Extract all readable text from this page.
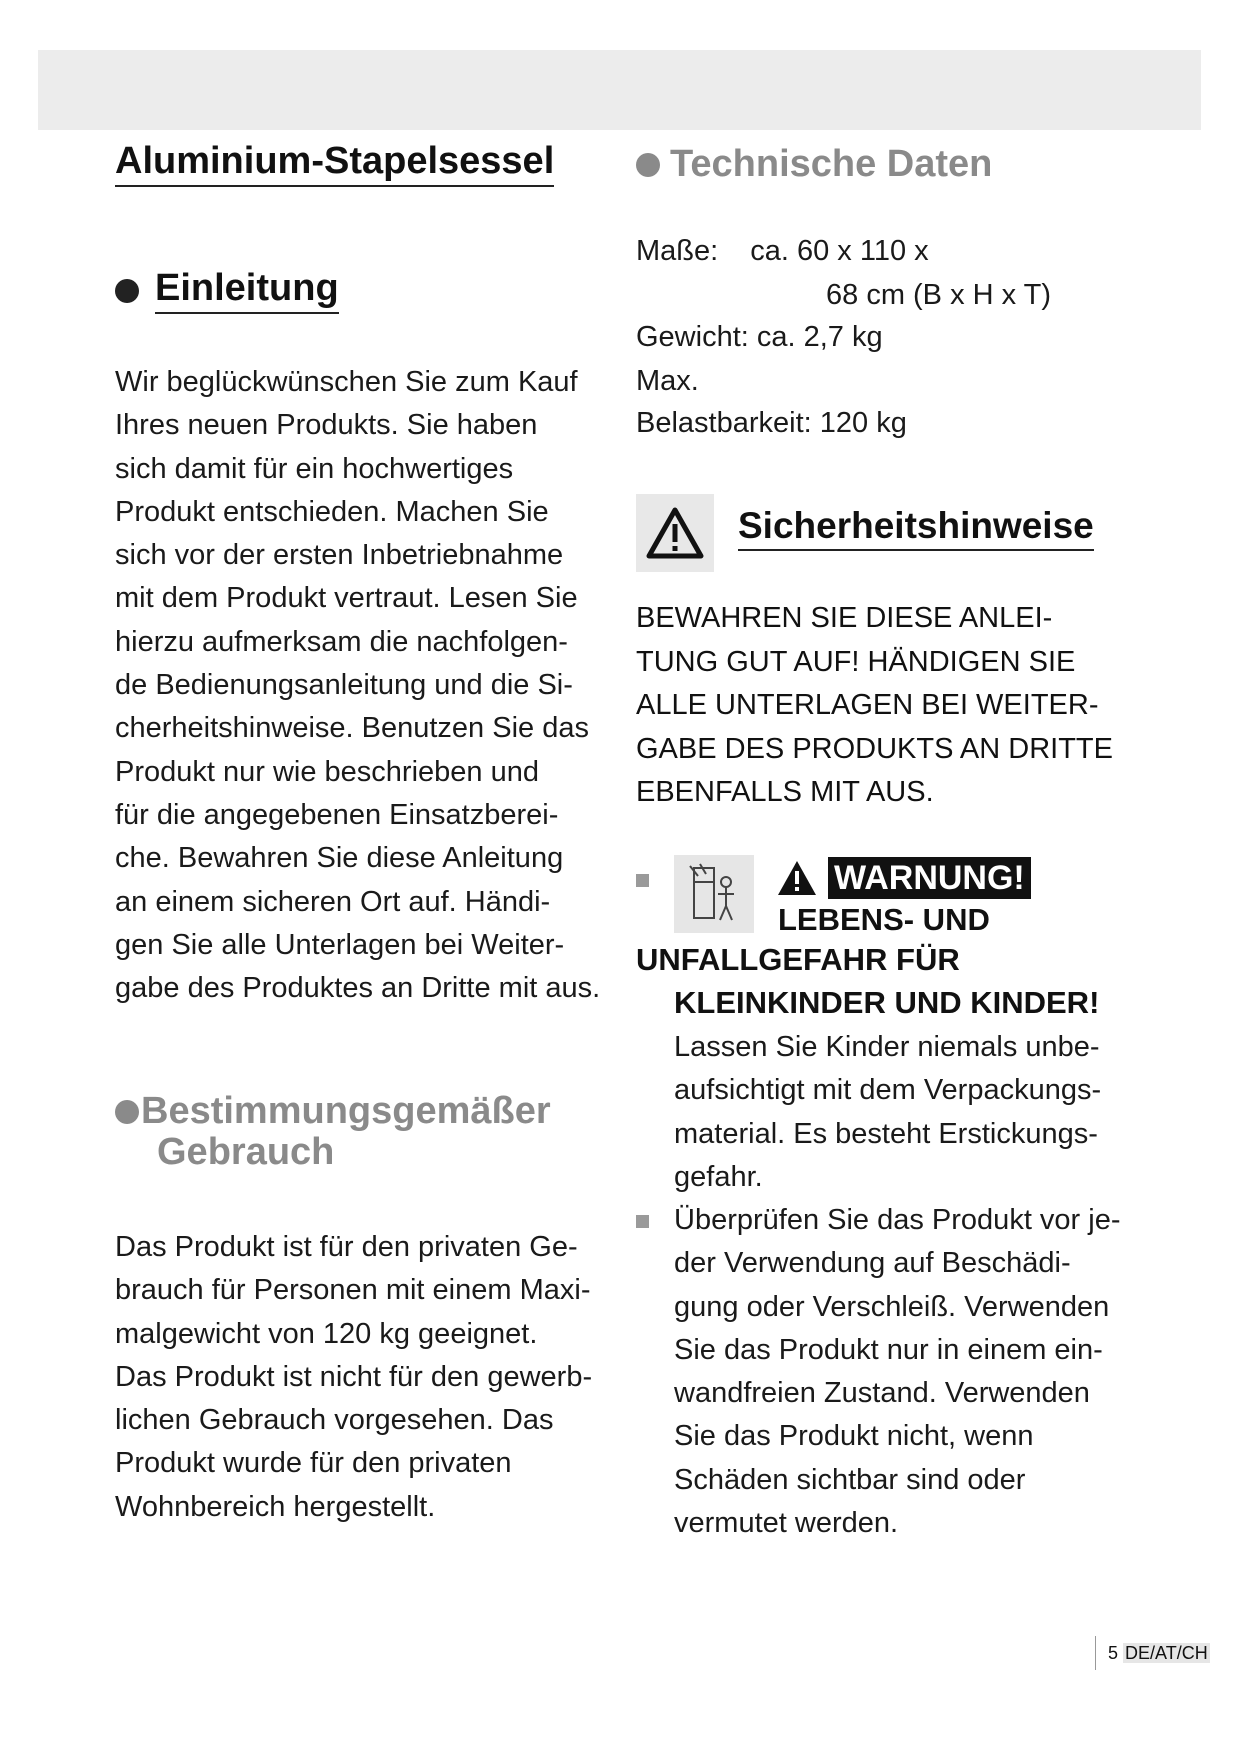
Aluminium-Stapelsessel
Einleitung
Wir beglückwünschen Sie zum Kauf
Ihres neuen Produkts. Sie haben
sich damit für ein hochwertiges
Produkt entschieden. Machen Sie
sich vor der ersten Inbetriebnahme
mit dem Produkt vertraut. Lesen Sie
hierzu aufmerksam die nachfolgen-
de Bedienungsanleitung und die Si-
cherheitshinweise. Benutzen Sie das
Produkt nur wie beschrieben und
für die angegebenen Einsatzberei-
che. Bewahren Sie diese Anleitung
an einem sicheren Ort auf. Händi-
gen Sie alle Unterlagen bei Weiter-
gabe des Produktes an Dritte mit aus.
Bestimmungsgemäßer
Gebrauch
Das Produkt ist für den privaten Ge-
brauch für Personen mit einem Maxi-
malgewicht von 120 kg geeignet.
Das Produkt ist nicht für den gewerb-
lichen Gebrauch vorgesehen. Das
Produkt wurde für den privaten
Wohnbereich hergestellt.
Technische Daten
Maße: ca. 60 x 110 x
68 cm (B x H x T)
Gewicht: ca. 2,7 kg
Max.
Belastbarkeit: 120 kg
Sicherheitshinweise
BEWAHREN SIE DIESE ANLEI-
TUNG GUT AUF! HÄNDIGEN SIE
ALLE UNTERLAGEN BEI WEITER-
GABE DES PRODUKTS AN DRITTE
EBENFALLS MIT AUS.
WARNUNG!
LEBENS- UND
UNFALLGEFAHR FÜR
KLEINKINDER UND KINDER!
Lassen Sie Kinder niemals unbe-
aufsichtigt mit dem Verpackungs-
material. Es besteht Erstickungs-
gefahr.
Überprüfen Sie das Produkt vor je-
der Verwendung auf Beschädi-
gung oder Verschleiß. Verwenden
Sie das Produkt nur in einem ein-
wandfreien Zustand. Verwenden
Sie das Produkt nicht, wenn
Schäden sichtbar sind oder
vermutet werden.
5 DE/AT/CH
